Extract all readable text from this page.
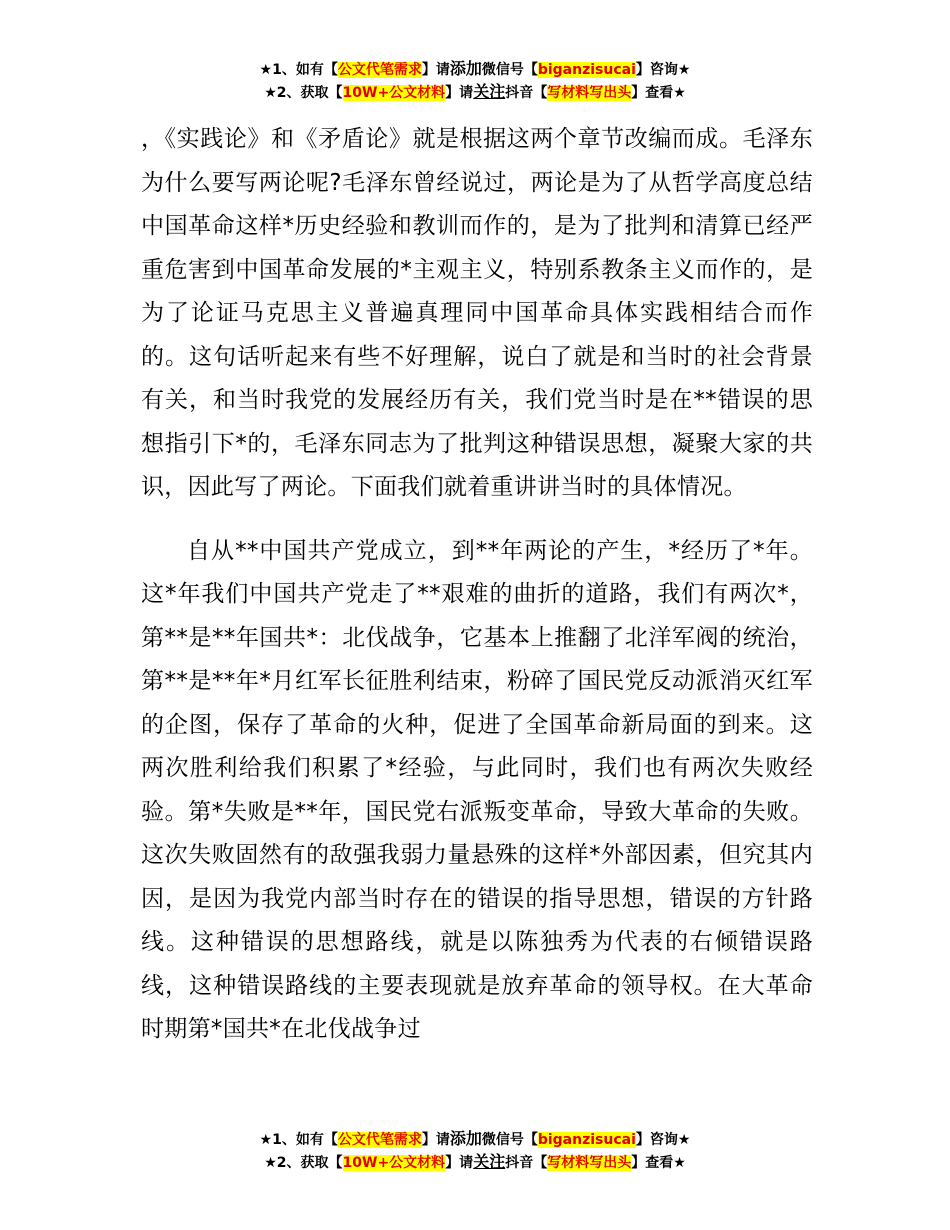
★1、如有【公文代笔需求】请添加微信号【biganzisucai】咨询★
★2、获取【10W+公文材料】请关注抖音【写材料写出头】查看★

，《实践论》和《矛盾论》就是根据这两个章节改编而成。毛泽东为什么要写两论呢?毛泽东曾经说过，两论是为了从哲学高度总结中国革命这样*历史经验和教训而作的，是为了批判和清算已经严重危害到中国革命发展的*主观主义，特别系教条主义而作的，是为了论证马克思主义普遍真理同中国革命具体实践相结合而作的。这句话听起来有些不好理解，说白了就是和当时的社会背景有关，和当时我党的发展经历有关，我们党当时是在**错误的思想指引下*的，毛泽东同志为了批判这种错误思想，凝聚大家的共识，因此写了两论。下面我们就着重讲讲当时的具体情况。

自从**中国共产党成立，到**年两论的产生，*经历了*年。这*年我们中国共产党走了**艰难的曲折的道路，我们有两次*，第**是**年国共*：北伐战争，它基本上推翻了北洋军阀的统治，第**是**年*月红军长征胜利结束，粉碎了国民党反动派消灭红军的企图，保存了革命的火种，促进了全国革命新局面的到来。这两次胜利给我们积累了*经验，与此同时，我们也有两次失败经验。第*失败是**年，国民党右派叛变革命，导致大革命的失败。这次失败固然有的敌强我弱力量悬殊的这样*外部因素，但究其内因，是因为我党内部当时存在的错误的指导思想，错误的方针路线。这种错误的思想路线，就是以陈独秀为代表的右倾错误路线，这种错误路线的主要表现就是放弃革命的领导权。在大革命时期第*国共*在北伐战争过

★1、如有【公文代笔需求】请添加微信号【biganzisucai】咨询★
★2、获取【10W+公文材料】请关注抖音【写材料写出头】查看★
